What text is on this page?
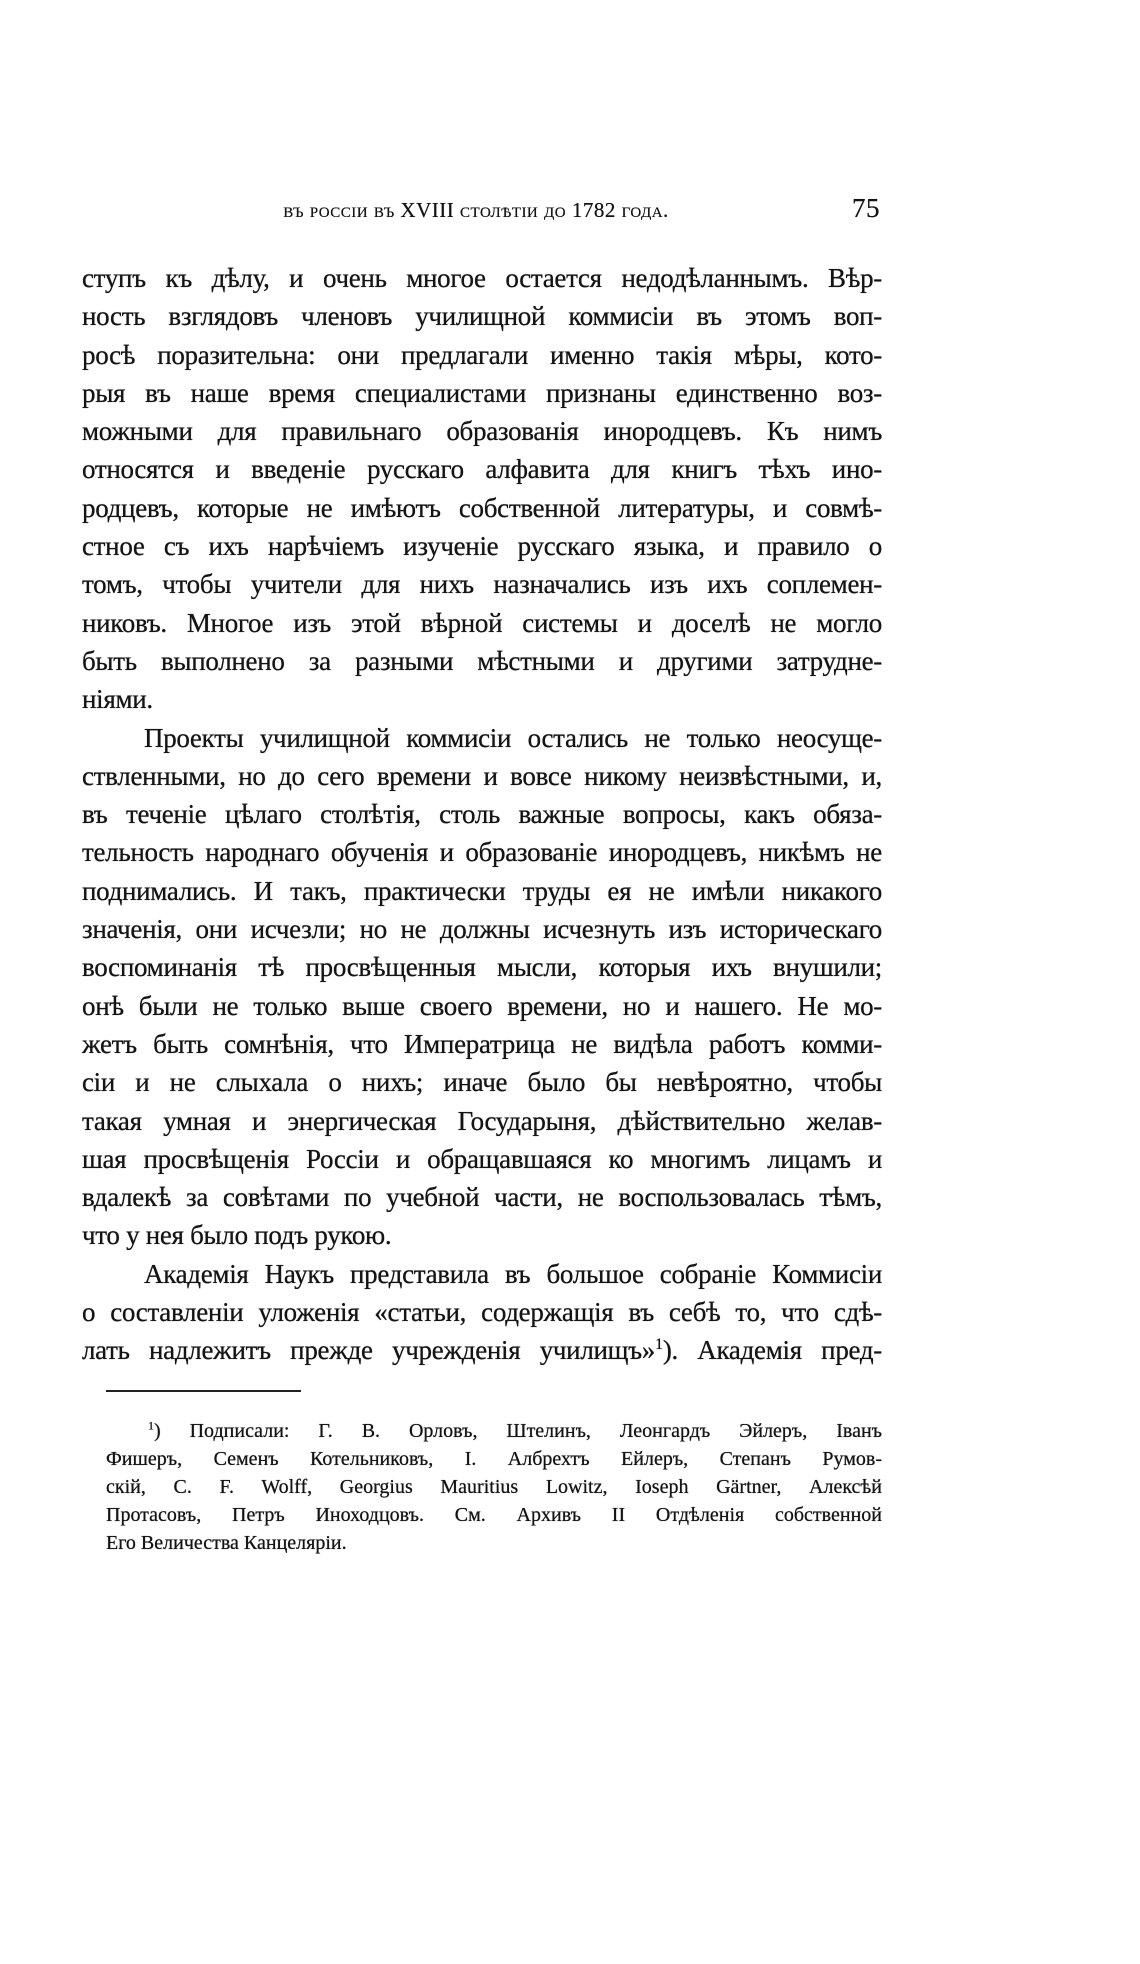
въ россіи въ XVIII столѣтіи до 1782 года.	75
ступъ къ дѣлу, и очень многое остается недодѣланнымъ. Вѣр-
ность взглядовъ членовъ училищной коммисіи въ этомъ воп-
росѣ поразительна: они предлагали именно такія мѣры, кото-
рыя въ наше время специалистами признаны единственно воз-
можными для правильнаго образованія инородцевъ. Къ нимъ
относятся и введеніе русскаго алфавита для книгъ тѣхъ ино-
родцевъ, которые не имѣютъ собственной литературы, и совмѣ-
стное съ ихъ нарѣчіемъ изученіе русскаго языка, и правило о
томъ, чтобы учители для нихъ назначались изъ ихъ соплемен-
никовъ. Многое изъ этой вѣрной системы и доселѣ не могло
быть выполнено за разными мѣстными и другими затрудне-
ніями.
Проекты училищной коммисіи остались не только неосуще-
ствленными, но до сего времени и вовсе никому неизвѣстными, и,
въ теченіе цѣлаго столѣтія, столь важные вопросы, какъ обяза-
тельность народнаго обученія и образованіе инородцевъ, никѣмъ не
поднимались. И такъ, практически труды ея не имѣли никакого
значенія, они исчезли; но не должны исчезнуть изъ историческаго
воспоминанія тѣ просвѣщенныя мысли, которыя ихъ внушили;
онѣ были не только выше своего времени, но и нашего. Не мо-
жетъ быть сомнѣнія, что Императрица не видѣла работъ комми-
сіи и не слыхала о нихъ; иначе было бы невѣроятно, чтобы
такая умная и энергическая Государыня, дѣйствительно желав-
шая просвѣщенія Россіи и обращавшаяся ко многимъ лицамъ и
вдалекѣ за совѣтами по учебной части, не воспользовалась тѣмъ,
что у нея было подъ рукою.
Академія Наукъ представила въ большое собраніе Коммисіи
о составленіи уложенія «статьи, содержащія въ себѣ то, что сдѣ-
лать надлежитъ прежде учрежденія училищъ»$^1$). Академія пред-
$^1$) Подписали: Г. В. Орловъ, Штелинъ, Леонгардъ Эйлеръ, Іванъ
Фишеръ, Семенъ Котельниковъ, І. Албрехтъ Ейлеръ, Степанъ Румов-
скій, C. F. Wolff, Georgius Mauritius Lowitz, Ioseph Gärtner, Алексѣй
Протасовъ, Петръ Иноходцовъ. См. Архивъ II Отдѣленія собственной
Его Величества Канцеляріи.
